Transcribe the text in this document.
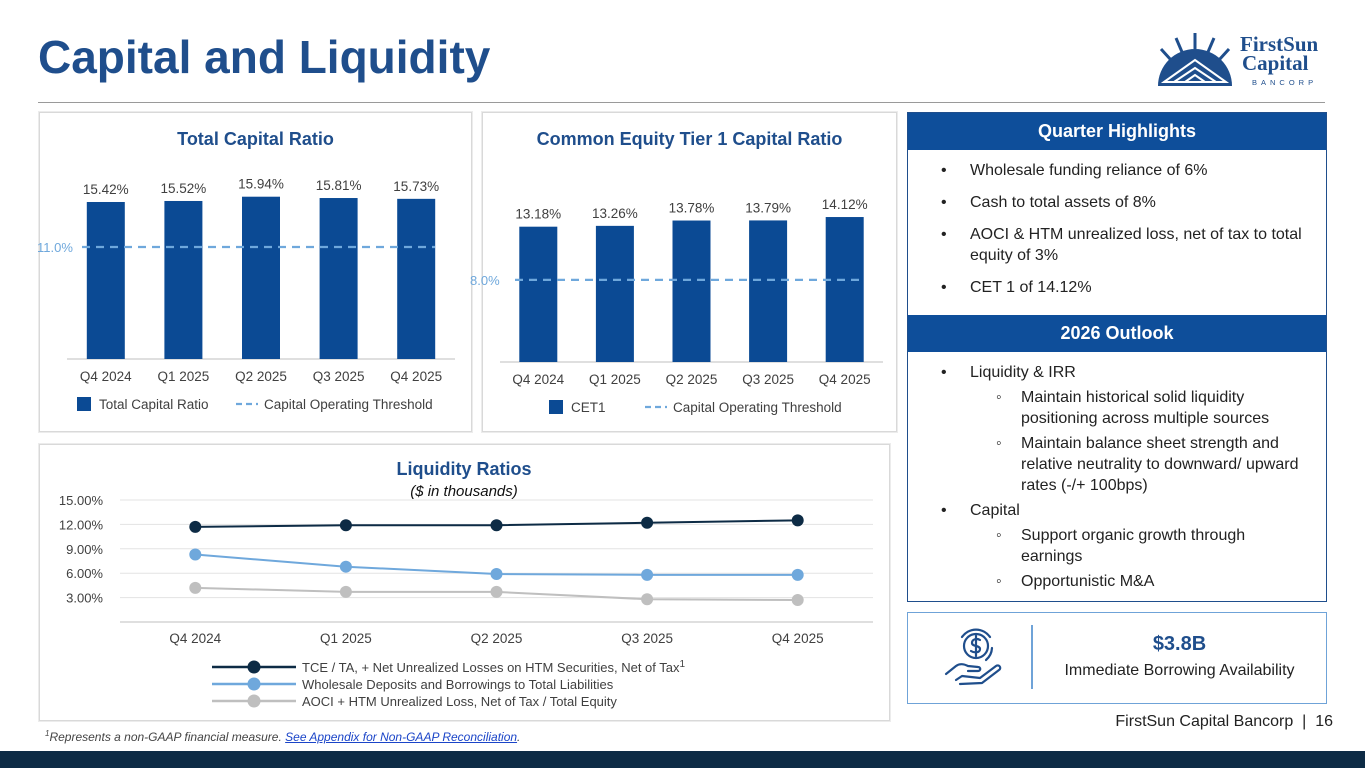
Capital and Liquidity	FirstSun
Capital
BANCORP
Total Capital Ratio
15.42%
Q4 2024
15.52%
Q1 2025
15.94%
Q2 2025
15.81%
Q3 2025
15.73%
Q4 2025
11.0%
Total Capital Ratio	Capital Operating Threshold
Common Equity Tier 1 Capital Ratio
13.18%
Q4 2024
13.26%
Q1 2025
13.78%
Q2 2025
13.79%
Q3 2025
14.12%
Q4 2025
8.0%
CET1	Capital Operating Threshold
Liquidity Ratios
($ in thousands)
3.00%
6.00%
9.00%
12.00%
15.00%
Q4 2024	Q1 2025	Q2 2025	Q3 2025	Q4 2025
TCE / TA, + Net Unrealized Losses on HTM Securities, Net of Tax$^1$
Wholesale Deposits and Borrowings to Total Liabilities
AOCI + HTM Unrealized Loss, Net of Tax / Total Equity
Quarter Highlights
• Wholesale funding reliance of 6%
• Cash to total assets of 8%
• AOCI & HTM unrealized loss, net of tax to total equity of 3%
• CET 1 of 14.12%
2026 Outlook
• Liquidity & IRR
◦ Maintain historical solid liquidity positioning across multiple sources
◦ Maintain balance sheet strength and relative neutrality to downward/ upward rates (-/+ 100bps)
• Capital
◦ Support organic growth through earnings
◦ Opportunistic M&A
$3.8B
Immediate Borrowing Availability
$^1$Represents a non-GAAP financial measure. See Appendix for Non-GAAP Reconciliation.
FirstSun Capital Bancorp  |  16
